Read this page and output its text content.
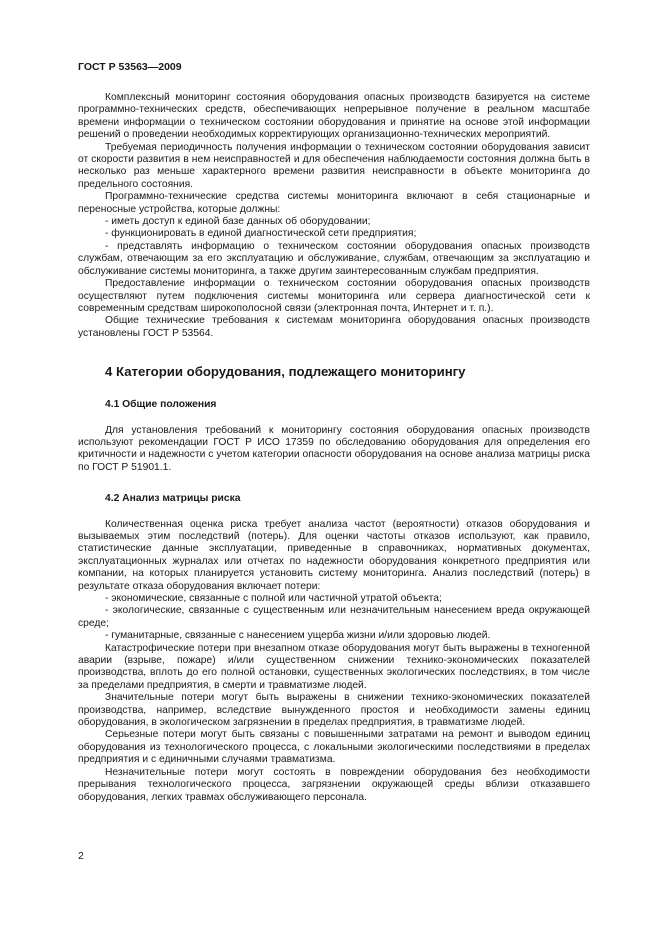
ГОСТ Р 53563—2009

Комплексный мониторинг состояния оборудования опасных производств базируется на системе программно-технических средств, обеспечивающих непрерывное получение в реальном масштабе времени информации о техническом состоянии оборудования и принятие на основе этой информации решений о проведении необходимых корректирующих организационно-технических мероприятий.

Требуемая периодичность получения информации о техническом состоянии оборудования зависит от скорости развития в нем неисправностей и для обеспечения наблюдаемости состояния должна быть в несколько раз меньше характерного времени развития неисправности в объекте мониторинга до предельного состояния.

Программно-технические средства системы мониторинга включают в себя стационарные и переносные устройства, которые должны:

- иметь доступ к единой базе данных об оборудовании;

- функционировать в единой диагностической сети предприятия;

- представлять информацию о техническом состоянии оборудования опасных производств службам, отвечающим за его эксплуатацию и обслуживание, службам, отвечающим за эксплуатацию и обслуживание системы мониторинга, а также другим заинтересованным службам предприятия.

Предоставление информации о техническом состоянии оборудования опасных производств осуществляют путем подключения системы мониторинга или сервера диагностической сети к современным средствам широкополосной связи (электронная почта, Интернет и т. п.).

Общие технические требования к системам мониторинга оборудования опасных производств установлены ГОСТ Р 53564.

4 Категории оборудования, подлежащего мониторингу
4.1 Общие положения

Для установления требований к мониторингу состояния оборудования опасных производств используют рекомендации ГОСТ Р ИСО 17359 по обследованию оборудования для определения его критичности и надежности с учетом категории опасности оборудования на основе анализа матрицы риска по ГОСТ Р 51901.1.

4.2 Анализ матрицы риска

Количественная оценка риска требует анализа частот (вероятности) отказов оборудования и вызываемых этим последствий (потерь). Для оценки частоты отказов используют, как правило, статистические данные эксплуатации, приведенные в справочниках, нормативных документах, эксплуатационных журналах или отчетах по надежности оборудования конкретного предприятия или компании, на которых планируется установить систему мониторинга. Анализ последствий (потерь) в результате отказа оборудования включает потери:

- экономические, связанные с полной или частичной утратой объекта;

- экологические, связанные с существенным или незначительным нанесением вреда окружающей среде;

- гуманитарные, связанные с нанесением ущерба жизни и/или здоровью людей.

Катастрофические потери при внезапном отказе оборудования могут быть выражены в техногенной аварии (взрыве, пожаре) и/или существенном снижении технико-экономических показателей производства, вплоть до его полной остановки, существенных экологических последствиях, в том числе за пределами предприятия, в смерти и травматизме людей.

Значительные потери могут быть выражены в снижении технико-экономических показателей производства, например, вследствие вынужденного простоя и необходимости замены единиц оборудования, в экологическом загрязнении в пределах предприятия, в травматизме людей.

Серьезные потери могут быть связаны с повышенными затратами на ремонт и выводом единиц оборудования из технологического процесса, с локальными экологическими последствиями в пределах предприятия и с единичными случаями травматизма.

Незначительные потери могут состоять в повреждении оборудования без необходимости прерывания технологического процесса, загрязнении окружающей среды вблизи отказавшего оборудования, легких травмах обслуживающего персонала.

2
